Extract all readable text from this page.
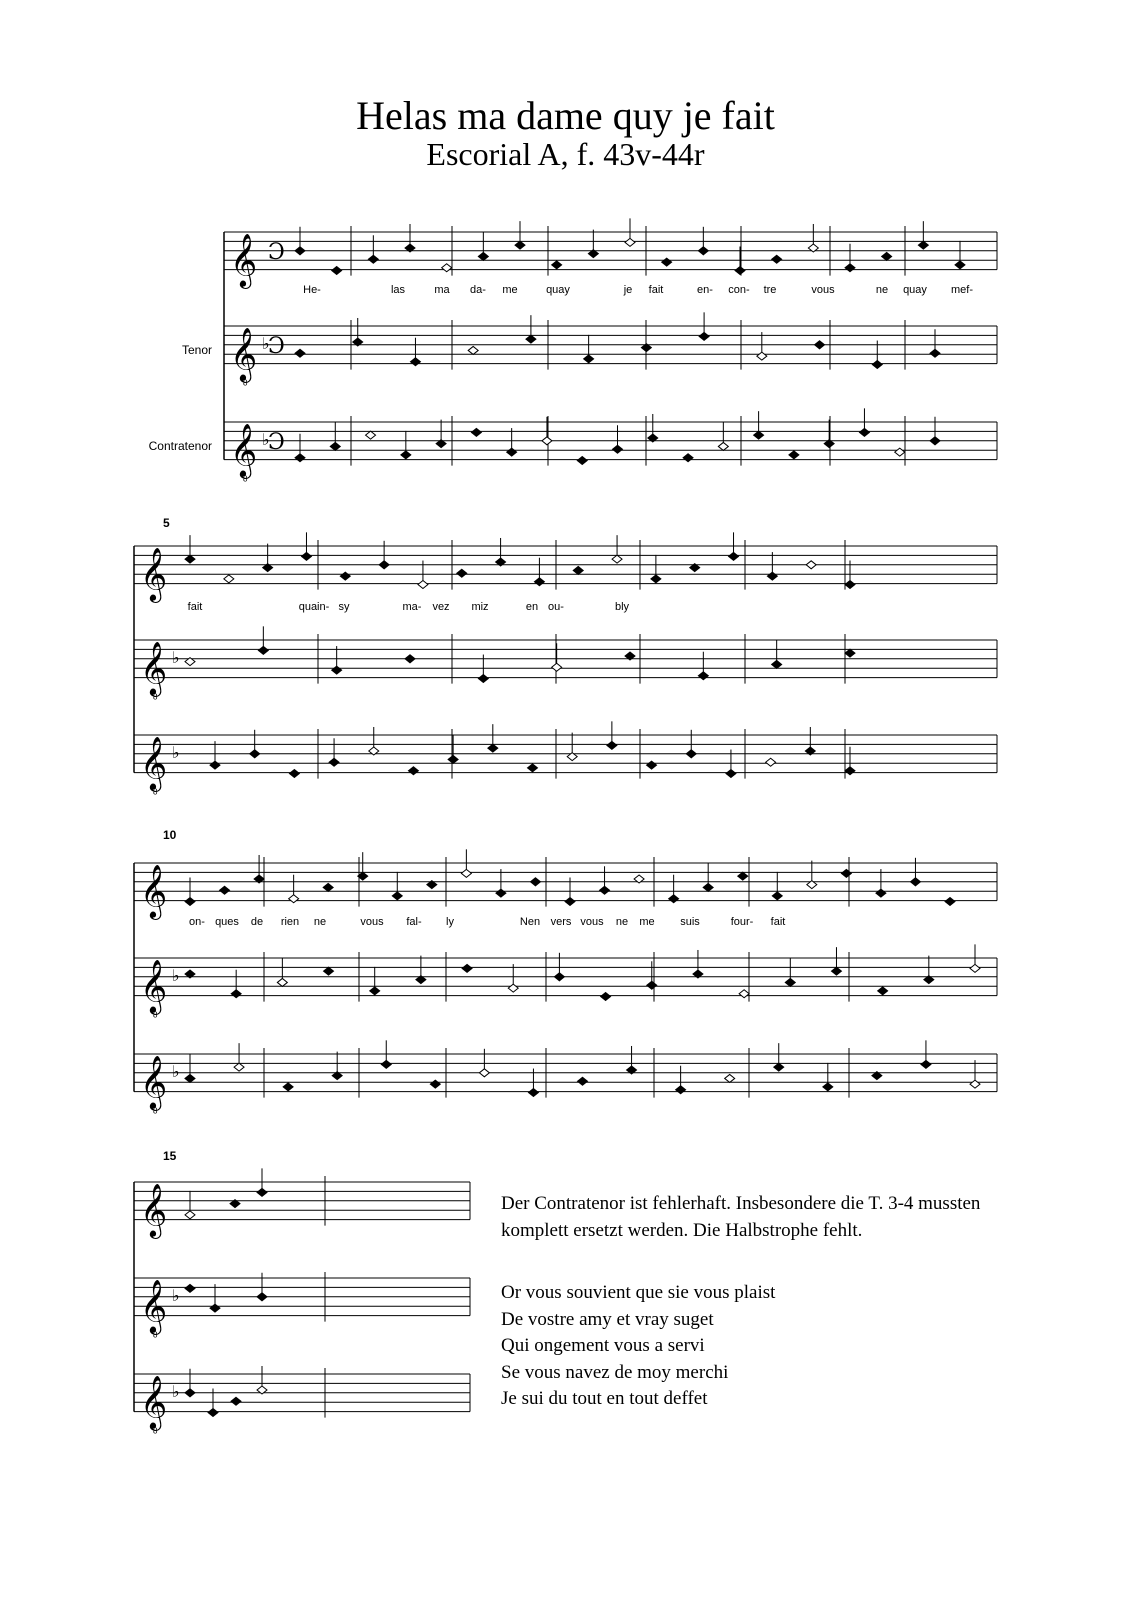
Helas ma dame quy je fait
Escorial A, f. 43v-44r
𝄞 Ɔ
𝄞 ♭
8
Ɔ
𝄞 ♭
8
Ɔ
𝄞
𝄞 ♭
8
𝄞 ♭
8
𝄞
𝄞 ♭
8
𝄞 ♭
8
𝄞
𝄞 ♭
8
𝄞 ♭
8
Tenor
Contratenor
5
10
15
He-	las	ma da- me	quay	je fait	en- con- tre	vous	ne quay mef-
fait	quain- sy	ma- vez miz	en ou-	bly
on- ques de rien ne	vous fal- ly	Nen vers vous ne me suis	four- fait

Der Contratenor ist fehlerhaft. Insbesondere die T. 3-4 mussten komplett ersetzt werden. Die Halbstrophe fehlt.

Or vous souvient que sie vous plaist
De vostre amy et vray suget
Qui ongement vous a servi
Se vous navez de moy merchi
Je sui du tout en tout deffet
